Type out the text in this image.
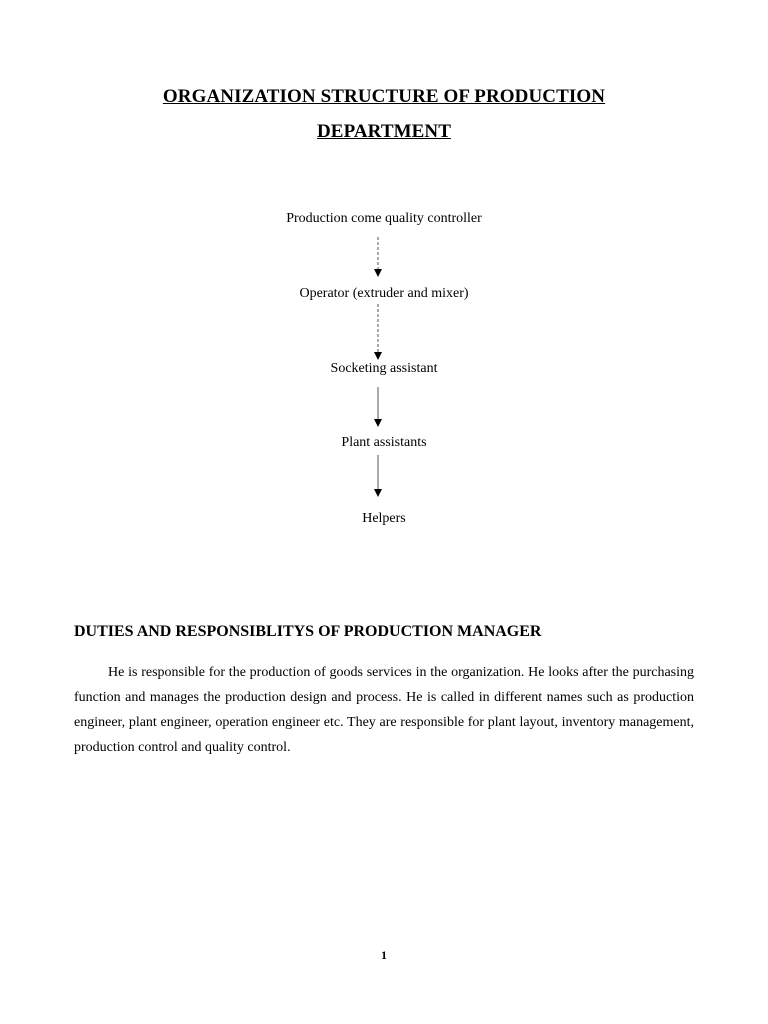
ORGANIZATION STRUCTURE OF PRODUCTION
DEPARTMENT
Production come quality controller
Operator (extruder and mixer)
Socketing assistant
Plant assistants
Helpers
DUTIES AND RESPONSIBLITYS OF PRODUCTION MANAGER

He is responsible for the production of goods services in the organization. He looks after the purchasing function and manages the production design and process. He is called in different names such as production engineer, plant engineer, operation engineer etc. They are responsible for plant layout, inventory management, production control and quality control.

1
